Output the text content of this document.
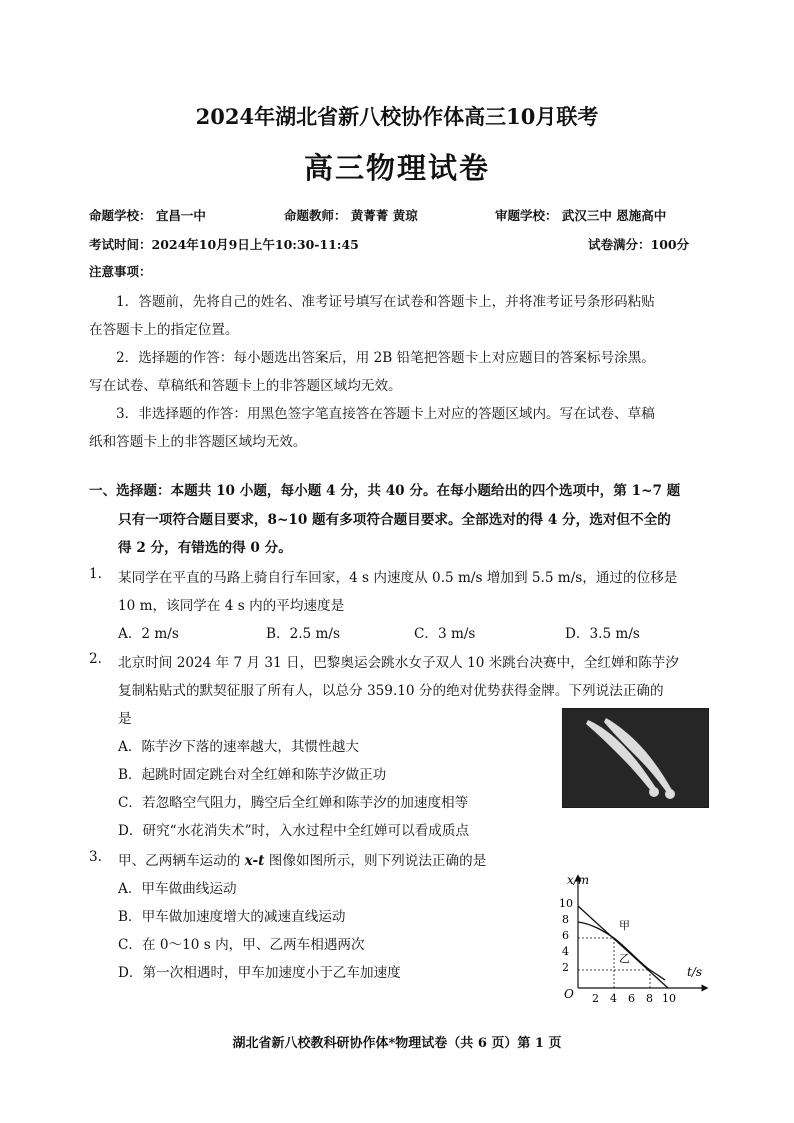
2024年湖北省新八校协作体高三10月联考
高三物理试卷
命题学校： 宜昌一中	命题教师： 黄菁菁 黄琼	审题学校： 武汉三中 恩施高中
考试时间：2024年10月9日上午10:30-11:45	试卷满分：100分
注意事项：
1．答题前，先将自己的姓名、准考证号填写在试卷和答题卡上，并将准考证号条形码粘贴
在答题卡上的指定位置。
2．选择题的作答：每小题选出答案后，用 2B 铅笔把答题卡上对应题目的答案标号涂黑。
写在试卷、草稿纸和答题卡上的非答题区域均无效。
3．非选择题的作答：用黑色签字笔直接答在答题卡上对应的答题区域内。写在试卷、草稿
纸和答题卡上的非答题区域均无效。
一、选择题：本题共 10 小题，每小题 4 分，共 40 分。在每小题给出的四个选项中，第 1~7 题
只有一项符合题目要求，8~10 题有多项符合题目要求。全部选对的得 4 分，选对但不全的
得 2 分，有错选的得 0 分。
1. 某同学在平直的马路上骑自行车回家，4 s 内速度从 0.5 m/s 增加到 5.5 m/s，通过的位移是
10 m，该同学在 4 s 内的平均速度是
A．2 m/s	B．2.5 m/s	C．3 m/s	D．3.5 m/s
2. 北京时间 2024 年 7 月 31 日，巴黎奥运会跳水女子双人 10 米跳台决赛中，全红婵和陈芋汐
复制粘贴式的默契征服了所有人，以总分 359.10 分的绝对优势获得金牌。下列说法正确的
是
A．陈芋汐下落的速率越大，其惯性越大
B．起跳时固定跳台对全红婵和陈芋汐做正功
C．若忽略空气阻力，腾空后全红婵和陈芋汐的加速度相等
D．研究“水花消失术”时，入水过程中全红婵可以看成质点
3. 甲、乙两辆车运动的 x-t 图像如图所示，则下列说法正确的是
A．甲车做曲线运动
B．甲车做加速度增大的减速直线运动
C．在 0～10 s 内，甲、乙两车相遇两次
D．第一次相遇时，甲车加速度小于乙车加速度
x/m
t/s
O
2
4
6
8
10
2 4 6 8 10
甲
乙
湖北省新八校教科研协作体*物理试卷（共 6 页）第 1 页
